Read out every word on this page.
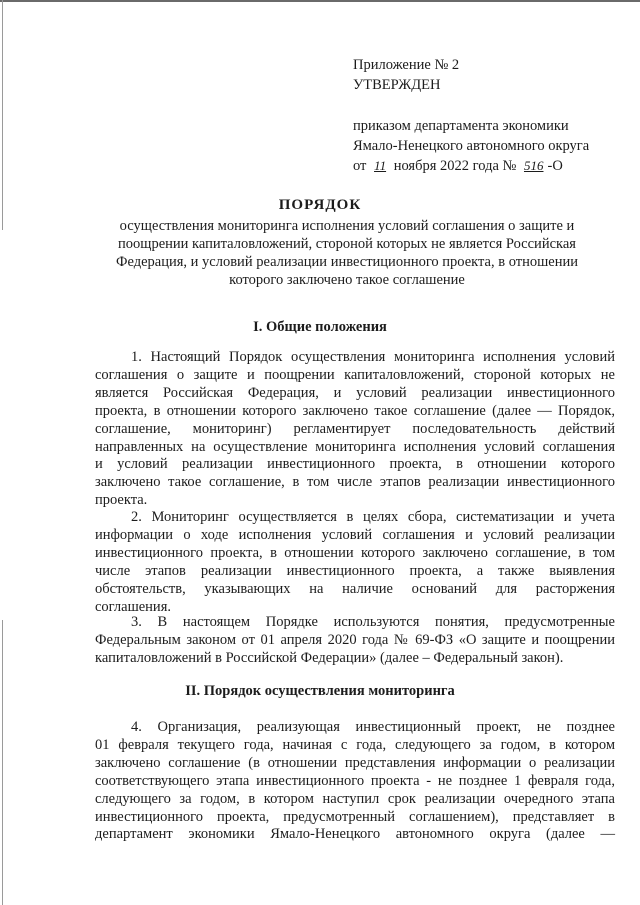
Приложение № 2
УТВЕРЖДЕН
приказом департамента экономики
Ямало-Ненецкого автономного округа
от 11 ноября 2022 года № 516 -О
ПОРЯДОК
осуществления мониторинга исполнения условий соглашения о защите и
поощрении капиталовложений, стороной которых не является Российская
Федерация, и условий реализации инвестиционного проекта, в отношении
которого заключено такое соглашение
I. Общие положения
1. Настоящий Порядок осуществления мониторинга исполнения условий
соглашения о защите и поощрении капиталовложений, стороной которых не
является Российская Федерация, и условий реализации инвестиционного
проекта, в отношении которого заключено такое соглашение (далее — Порядок,
соглашение, мониторинг) регламентирует последовательность действий
направленных на осуществление мониторинга исполнения условий соглашения
и условий реализации инвестиционного проекта, в отношении которого
заключено такое соглашение, в том числе этапов реализации инвестиционного
проекта.
2. Мониторинг осуществляется в целях сбора, систематизации и учета
информации о ходе исполнения условий соглашения и условий реализации
инвестиционного проекта, в отношении которого заключено соглашение, в том
числе этапов реализации инвестиционного проекта, а также выявления
обстоятельств, указывающих на наличие оснований для расторжения
соглашения.
3. В настоящем Порядке используются понятия, предусмотренные
Федеральным законом от 01 апреля 2020 года № 69-ФЗ «О защите и поощрении
капиталовложений в Российской Федерации» (далее – Федеральный закон).
II. Порядок осуществления мониторинга
4. Организация, реализующая инвестиционный проект, не позднее
01 февраля текущего года, начиная с года, следующего за годом, в котором
заключено соглашение (в отношении представления информации о реализации
соответствующего этапа инвестиционного проекта - не позднее 1 февраля года,
следующего за годом, в котором наступил срок реализации очередного этапа
инвестиционного проекта, предусмотренный соглашением), представляет в
департамент экономики Ямало-Ненецкого автономного округа (далее —
